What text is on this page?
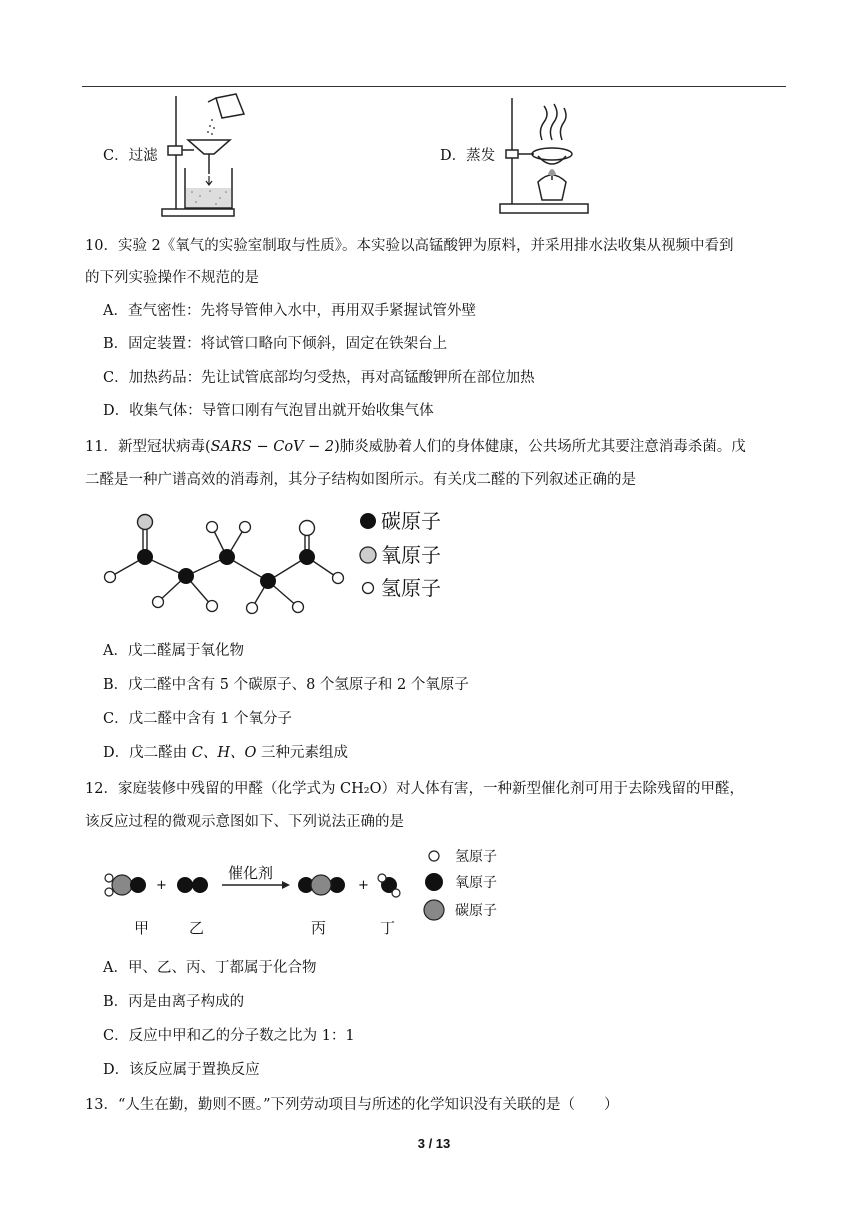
C．过滤	D．蒸发
10．实验 2《氧气的实验室制取与性质》。本实验以高锰酸钾为原料，并采用排水法收集从视频中看到
的下列实验操作不规范的是
A．查气密性：先将导管伸入水中，再用双手紧握试管外壁
B．固定装置：将试管口略向下倾斜，固定在铁架台上
C．加热药品：先让试管底部均匀受热，再对高锰酸钾所在部位加热
D．收集气体：导管口刚有气泡冒出就开始收集气体
11．新型冠状病毒(SARS − CoV − 2)肺炎威胁着人们的身体健康，公共场所尤其要注意消毒杀菌。戊
二醛是一种广谱高效的消毒剂，其分子结构如图所示。有关戊二醛的下列叙述正确的是
碳原子
氧原子
氢原子
A．戊二醛属于氧化物
B．戊二醛中含有 5 个碳原子、8 个氢原子和 2 个氧原子
C．戊二醛中含有 1 个氧分子
D．戊二醛由 C、H、O 三种元素组成
12．家庭装修中残留的甲醛（化学式为 CH₂O）对人体有害，一种新型催化剂可用于去除残留的甲醛，
该反应过程的微观示意图如下、下列说法正确的是
+
催化剂
+
甲	乙	丙	丁
氢原子
氧原子
碳原子
A．甲、乙、丙、丁都属于化合物
B．丙是由离子构成的
C．反应中甲和乙的分子数之比为 1：1
D．该反应属于置换反应
13．“人生在勤，勤则不匮。”下列劳动项目与所述的化学知识没有关联的是（　　）
3 / 13
